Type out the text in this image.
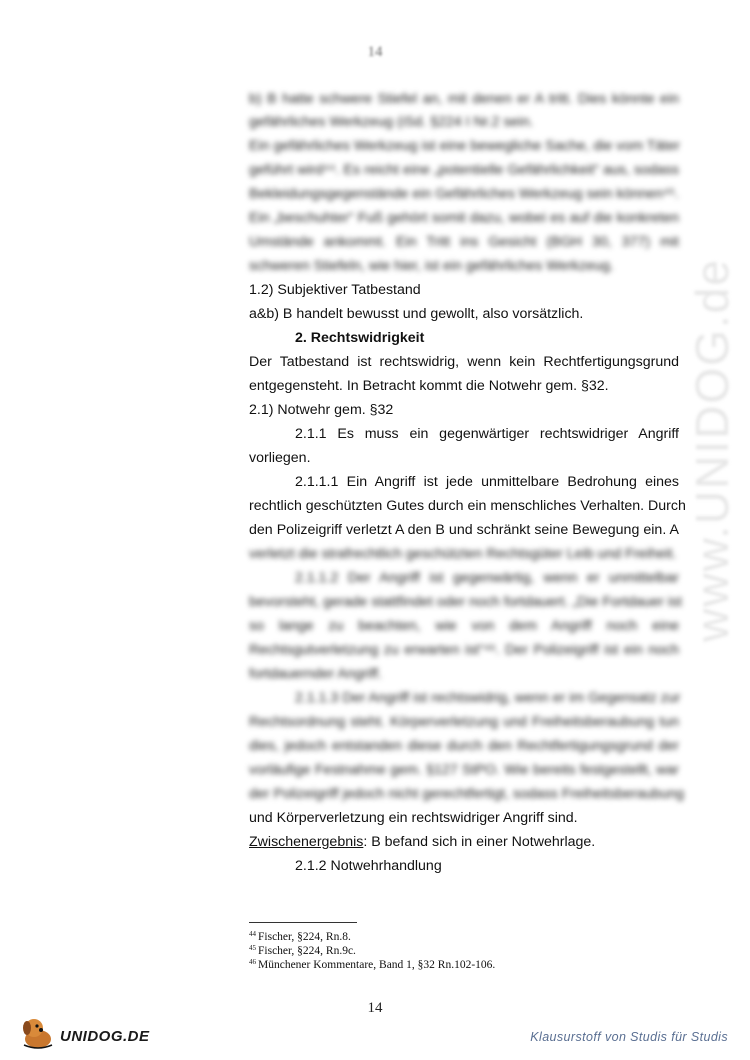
www.UNIDOG.de
14
b) B hatte schwere Stiefel an, mit denen er A tritt. Dies könnte ein
gefährliches Werkzeug (iSd. §224 I Nr.2 sein.
Ein gefährliches Werkzeug ist eine bewegliche Sache, die vom Täter
geführt wird⁴⁴. Es reicht eine „potentielle Gefährlichkeit“ aus, sodass
Bekleidungsgegenstände ein Gefährliches Werkzeug sein können⁴⁵.
Ein „beschuhter“ Fuß gehört somit dazu, wobei es auf die konkreten
Umstände ankommt. Ein Tritt ins Gesicht (BGH 30, 377) mit
schweren Stiefeln, wie hier, ist ein gefährliches Werkzeug.
1.2) Subjektiver Tatbestand
a&b) B handelt bewusst und gewollt, also vorsätzlich.
2. Rechtswidrigkeit
Der Tatbestand ist rechtswidrig, wenn kein Rechtfertigungsgrund
entgegensteht. In Betracht kommt die Notwehr gem. §32.
2.1) Notwehr gem. §32
2.1.1 Es muss ein gegenwärtiger rechtswidriger Angriff
vorliegen.
2.1.1.1 Ein Angriff ist jede unmittelbare Bedrohung eines
rechtlich geschützten Gutes durch ein menschliches Verhalten. Durch
den Polizeigriff verletzt A den B und schränkt seine Bewegung ein. A
verletzt die strafrechtlich geschützten Rechtsgüter Leib und Freiheit.
2.1.1.2 Der Angriff ist gegenwärtig, wenn er unmittelbar
bevorsteht, gerade stattfindet oder noch fortdauert. „Die Fortdauer ist
so lange zu beachten, wie von dem Angriff noch eine
Rechtsgutverletzung zu erwarten ist“⁴⁶. Der Polizeigriff ist ein noch
fortdauernder Angriff.
2.1.1.3 Der Angriff ist rechtswidrig, wenn er im Gegensatz zur
Rechtsordnung steht. Körperverletzung und Freiheitsberaubung tun
dies, jedoch entstanden diese durch den Rechtfertigungsgrund der
vorläufige Festnahme gem. §127 StPO. Wie bereits festgestellt, war
der Polizeigriff jedoch nicht gerechtfertigt, sodass Freiheitsberaubung
und Körperverletzung ein rechtswidriger Angriff sind.
Zwischenergebnis: B befand sich in einer Notwehrlage.
2.1.2 Notwehrhandlung
$^{44}$ Fischer, §224, Rn.8.
$^{45}$ Fischer, §224, Rn.9c.
$^{46}$ Münchener Kommentare, Band 1, §32 Rn.102-106.
14
UNIDOG.DE	Klausurstoff von Studis für Studis
